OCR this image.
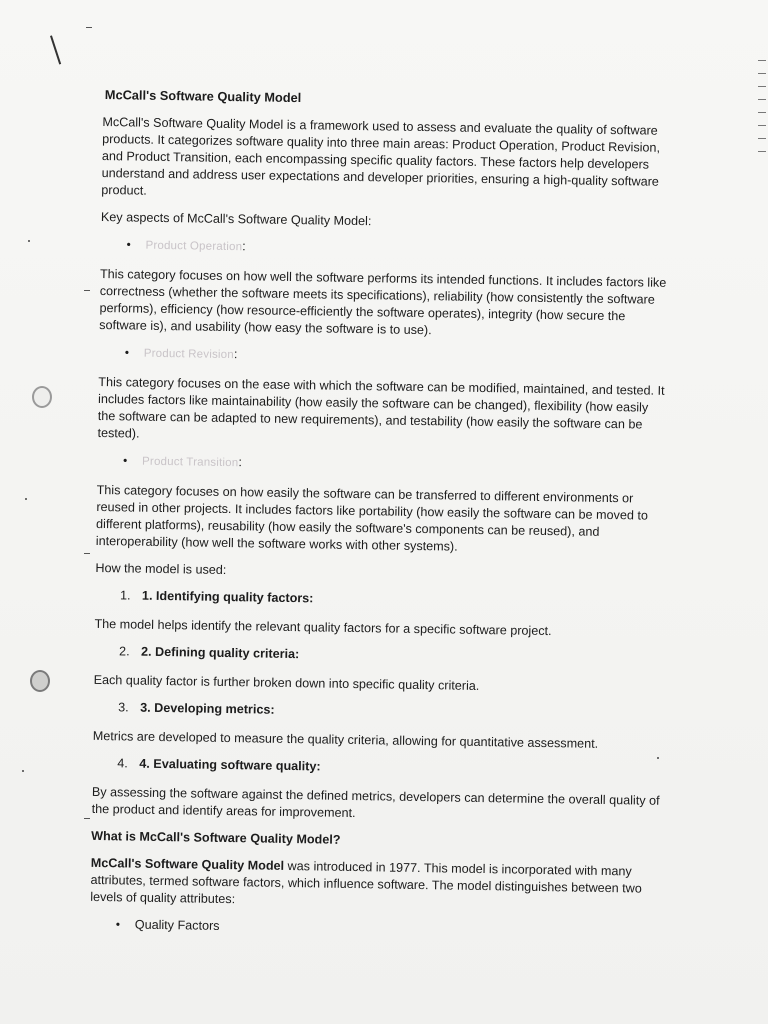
McCall's Software Quality Model

McCall's Software Quality Model is a framework used to assess and evaluate the quality of software products. It categorizes software quality into three main areas: Product Operation, Product Revision, and Product Transition, each encompassing specific quality factors. These factors help developers understand and address user expectations and developer priorities, ensuring a high-quality software product.

Key aspects of McCall's Software Quality Model:

• Product Operation:

This category focuses on how well the software performs its intended functions. It includes factors like correctness (whether the software meets its specifications), reliability (how consistently the software performs), efficiency (how resource-efficiently the software operates), integrity (how secure the software is), and usability (how easy the software is to use).

• Product Revision:

This category focuses on the ease with which the software can be modified, maintained, and tested. It includes factors like maintainability (how easily the software can be changed), flexibility (how easily the software can be adapted to new requirements), and testability (how easily the software can be tested).

• Product Transition:

This category focuses on how easily the software can be transferred to different environments or reused in other projects. It includes factors like portability (how easily the software can be moved to different platforms), reusability (how easily the software's components can be reused), and interoperability (how well the software works with other systems).

How the model is used:

1. 1. Identifying quality factors:

The model helps identify the relevant quality factors for a specific software project.

2. 2. Defining quality criteria:

Each quality factor is further broken down into specific quality criteria.

3. 3. Developing metrics:

Metrics are developed to measure the quality criteria, allowing for quantitative assessment.

4. 4. Evaluating software quality:

By assessing the software against the defined metrics, developers can determine the overall quality of the product and identify areas for improvement.

What is McCall's Software Quality Model?

McCall's Software Quality Model was introduced in 1977. This model is incorporated with many attributes, termed software factors, which influence software. The model distinguishes between two levels of quality attributes:

• Quality Factors
